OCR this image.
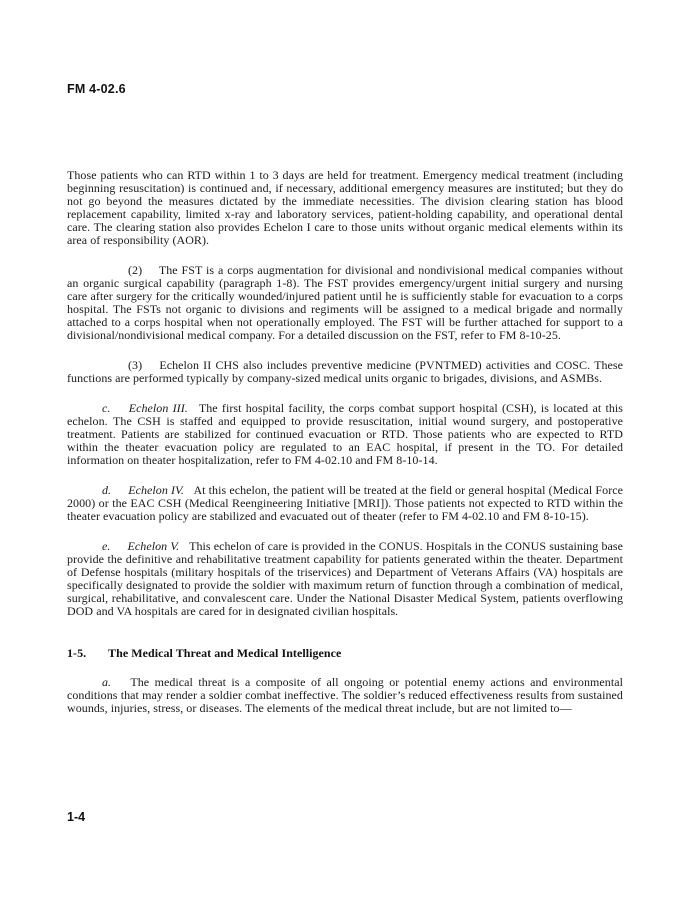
FM 4-02.6

Those patients who can RTD within 1 to 3 days are held for treatment. Emergency medical treatment (including beginning resuscitation) is continued and, if necessary, additional emergency measures are instituted; but they do not go beyond the measures dictated by the immediate necessities. The division clearing station has blood replacement capability, limited x-ray and laboratory services, patient-holding capability, and operational dental care. The clearing station also provides Echelon I care to those units without organic medical elements within its area of responsibility (AOR).

(2) The FST is a corps augmentation for divisional and nondivisional medical companies without an organic surgical capability (paragraph 1-8). The FST provides emergency/urgent initial surgery and nursing care after surgery for the critically wounded/injured patient until he is sufficiently stable for evacuation to a corps hospital. The FSTs not organic to divisions and regiments will be assigned to a medical brigade and normally attached to a corps hospital when not operationally employed. The FST will be further attached for support to a divisional/nondivisional medical company. For a detailed discussion on the FST, refer to FM 8-10-25.

(3) Echelon II CHS also includes preventive medicine (PVNTMED) activities and COSC. These functions are performed typically by company-sized medical units organic to brigades, divisions, and ASMBs.

c. Echelon III. The first hospital facility, the corps combat support hospital (CSH), is located at this echelon. The CSH is staffed and equipped to provide resuscitation, initial wound surgery, and postoperative treatment. Patients are stabilized for continued evacuation or RTD. Those patients who are expected to RTD within the theater evacuation policy are regulated to an EAC hospital, if present in the TO. For detailed information on theater hospitalization, refer to FM 4-02.10 and FM 8-10-14.

d. Echelon IV. At this echelon, the patient will be treated at the field or general hospital (Medical Force 2000) or the EAC CSH (Medical Reengineering Initiative [MRI]). Those patients not expected to RTD within the theater evacuation policy are stabilized and evacuated out of theater (refer to FM 4-02.10 and FM 8-10-15).

e. Echelon V. This echelon of care is provided in the CONUS. Hospitals in the CONUS sustaining base provide the definitive and rehabilitative treatment capability for patients generated within the theater. Department of Defense hospitals (military hospitals of the triservices) and Department of Veterans Affairs (VA) hospitals are specifically designated to provide the soldier with maximum return of function through a combination of medical, surgical, rehabilitative, and convalescent care. Under the National Disaster Medical System, patients overflowing DOD and VA hospitals are cared for in designated civilian hospitals.

1-5. The Medical Threat and Medical Intelligence

a. The medical threat is a composite of all ongoing or potential enemy actions and environmental conditions that may render a soldier combat ineffective. The soldier’s reduced effectiveness results from sustained wounds, injuries, stress, or diseases. The elements of the medical threat include, but are not limited to—

1-4
